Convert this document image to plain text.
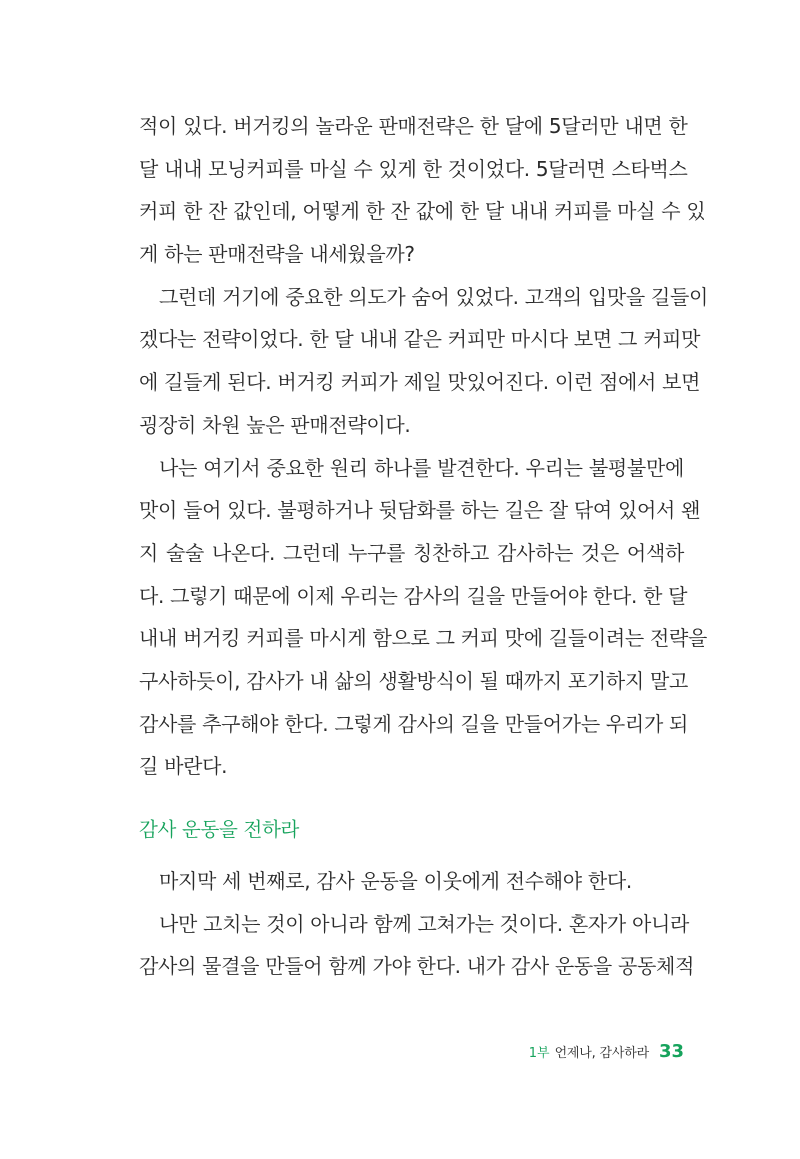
적이 있다. 버거킹의 놀라운 판매전략은 한 달에 5달러만 내면 한
달 내내 모닝커피를 마실 수 있게 한 것이었다. 5달러면 스타벅스
커피 한 잔 값인데, 어떻게 한 잔 값에 한 달 내내 커피를 마실 수 있
게 하는 판매전략을 내세웠을까?
그런데 거기에 중요한 의도가 숨어 있었다. 고객의 입맛을 길들이
겠다는 전략이었다. 한 달 내내 같은 커피만 마시다 보면 그 커피맛
에 길들게 된다. 버거킹 커피가 제일 맛있어진다. 이런 점에서 보면
굉장히 차원 높은 판매전략이다.
나는 여기서 중요한 원리 하나를 발견한다. 우리는 불평불만에
맛이 들어 있다. 불평하거나 뒷담화를 하는 길은 잘 닦여 있어서 왠
지 술술 나온다. 그런데 누구를 칭찬하고 감사하는 것은 어색하
다. 그렇기 때문에 이제 우리는 감사의 길을 만들어야 한다. 한 달
내내 버거킹 커피를 마시게 함으로 그 커피 맛에 길들이려는 전략을
구사하듯이, 감사가 내 삶의 생활방식이 될 때까지 포기하지 말고
감사를 추구해야 한다. 그렇게 감사의 길을 만들어가는 우리가 되
길 바란다.
감사 운동을 전하라
마지막 세 번째로, 감사 운동을 이웃에게 전수해야 한다.
나만 고치는 것이 아니라 함께 고쳐가는 것이다. 혼자가 아니라
감사의 물결을 만들어 함께 가야 한다. 내가 감사 운동을 공동체적
1부 언제나, 감사하라 33
